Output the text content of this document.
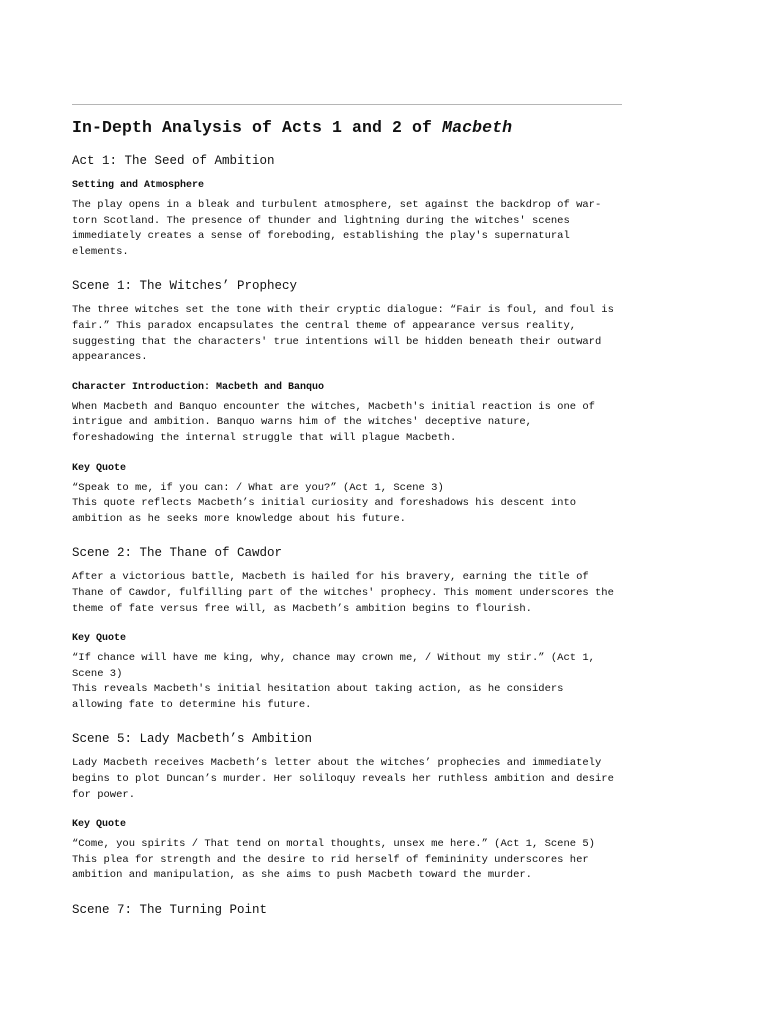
In-Depth Analysis of Acts 1 and 2 of Macbeth
Act 1: The Seed of Ambition
Setting and Atmosphere

The play opens in a bleak and turbulent atmosphere, set against the backdrop of war-
torn Scotland. The presence of thunder and lightning during the witches' scenes
immediately creates a sense of foreboding, establishing the play's supernatural
elements.

Scene 1: The Witches’ Prophecy

The three witches set the tone with their cryptic dialogue: “Fair is foul, and foul is
fair.” This paradox encapsulates the central theme of appearance versus reality,
suggesting that the characters' true intentions will be hidden beneath their outward
appearances.

Character Introduction: Macbeth and Banquo

When Macbeth and Banquo encounter the witches, Macbeth's initial reaction is one of
intrigue and ambition. Banquo warns him of the witches' deceptive nature,
foreshadowing the internal struggle that will plague Macbeth.

Key Quote

“Speak to me, if you can: / What are you?” (Act 1, Scene 3)
This quote reflects Macbeth’s initial curiosity and foreshadows his descent into
ambition as he seeks more knowledge about his future.

Scene 2: The Thane of Cawdor

After a victorious battle, Macbeth is hailed for his bravery, earning the title of
Thane of Cawdor, fulfilling part of the witches' prophecy. This moment underscores the
theme of fate versus free will, as Macbeth’s ambition begins to flourish.

Key Quote

“If chance will have me king, why, chance may crown me, / Without my stir.” (Act 1,
Scene 3)
This reveals Macbeth's initial hesitation about taking action, as he considers
allowing fate to determine his future.

Scene 5: Lady Macbeth’s Ambition

Lady Macbeth receives Macbeth’s letter about the witches’ prophecies and immediately
begins to plot Duncan’s murder. Her soliloquy reveals her ruthless ambition and desire
for power.

Key Quote

“Come, you spirits / That tend on mortal thoughts, unsex me here.” (Act 1, Scene 5)
This plea for strength and the desire to rid herself of femininity underscores her
ambition and manipulation, as she aims to push Macbeth toward the murder.

Scene 7: The Turning Point
